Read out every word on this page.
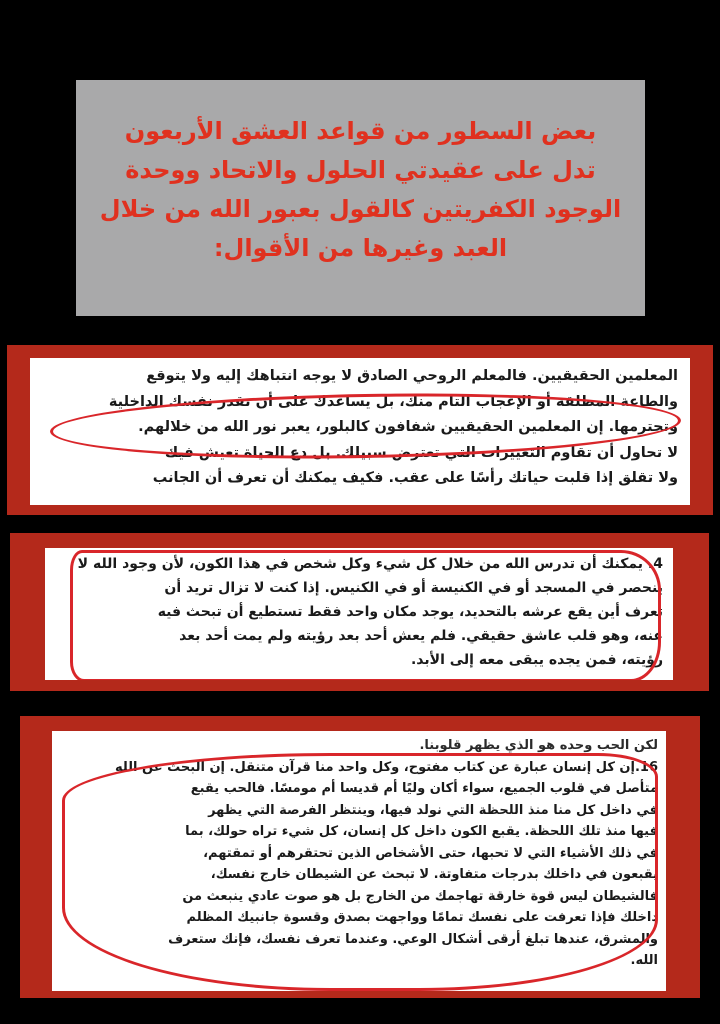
بعض السطور من قواعد العشق الأربعون
تدل على عقيدتي الحلول والاتحاد ووحدة
الوجود الكفريتين كالقول بعبور الله من خلال
العبد وغيرها من الأقوال:
المعلمين الحقيقيين. فالمعلم الروحي الصادق لا يوجه انتباهك إليه ولا يتوقع
والطاعة المطلقة أو الإعجاب التام منك، بل يساعدك على أن تقدر نفسك الداخلية
وتحترمها. إن المعلمين الحقيقيين شفافون كالبلور، يعبر نور الله من خلالهم.
لا تحاول أن تقاوم التغييرات التي تعترض سبيلك. بل دع الحياة تعيش فيك
ولا تقلق إذا قلبت حياتك رأسًا على عقب. فكيف يمكنك أن تعرف أن الجانب
4. يمكنك أن تدرس الله من خلال كل شيء وكل شخص في هذا الكون، لأن وجود الله لا
ينحصر في المسجد أو في الكنيسة أو في الكنيس. إذا كنت لا تزال تريد أن
تعرف أين يقع عرشه بالتحديد، يوجد مكان واحد فقط تستطيع أن تبحث فيه
عنه، وهو قلب عاشق حقيقي. فلم يعش أحد بعد رؤيته ولم يمت أحد بعد
رؤيته، فمن يجده يبقى معه إلى الأبد.
لكن الحب وحده هو الذي يظهر قلوبنا.
16.إن كل إنسان عبارة عن كتاب مفتوح، وكل واحد منا قرآن متنقل. إن البحث عن الله
متأصل في قلوب الجميع، سواء أكان وليًا أم قديسا أم مومسًا. فالحب يقبع
في داخل كل منا منذ اللحظة التي نولد فيها، وينتظر الفرصة التي يظهر
فيها منذ تلك اللحظة. يقبع الكون داخل كل إنسان، كل شيء تراه حولك، بما
في ذلك الأشياء التي لا تحبها، حتى الأشخاص الذين تحتقرهم أو تمقتهم،
يقبعون في داخلك بدرجات متفاوتة. لا تبحث عن الشيطان خارج نفسك،
فالشيطان ليس قوة خارقة تهاجمك من الخارج بل هو صوت عادي ينبعث من
داخلك فإذا تعرفت على نفسك تمامًا وواجهت بصدق وقسوة جانبيك المظلم
والمشرق، عندها تبلغ أرقى أشكال الوعي. وعندما تعرف نفسك، فإنك ستعرف
الله.
